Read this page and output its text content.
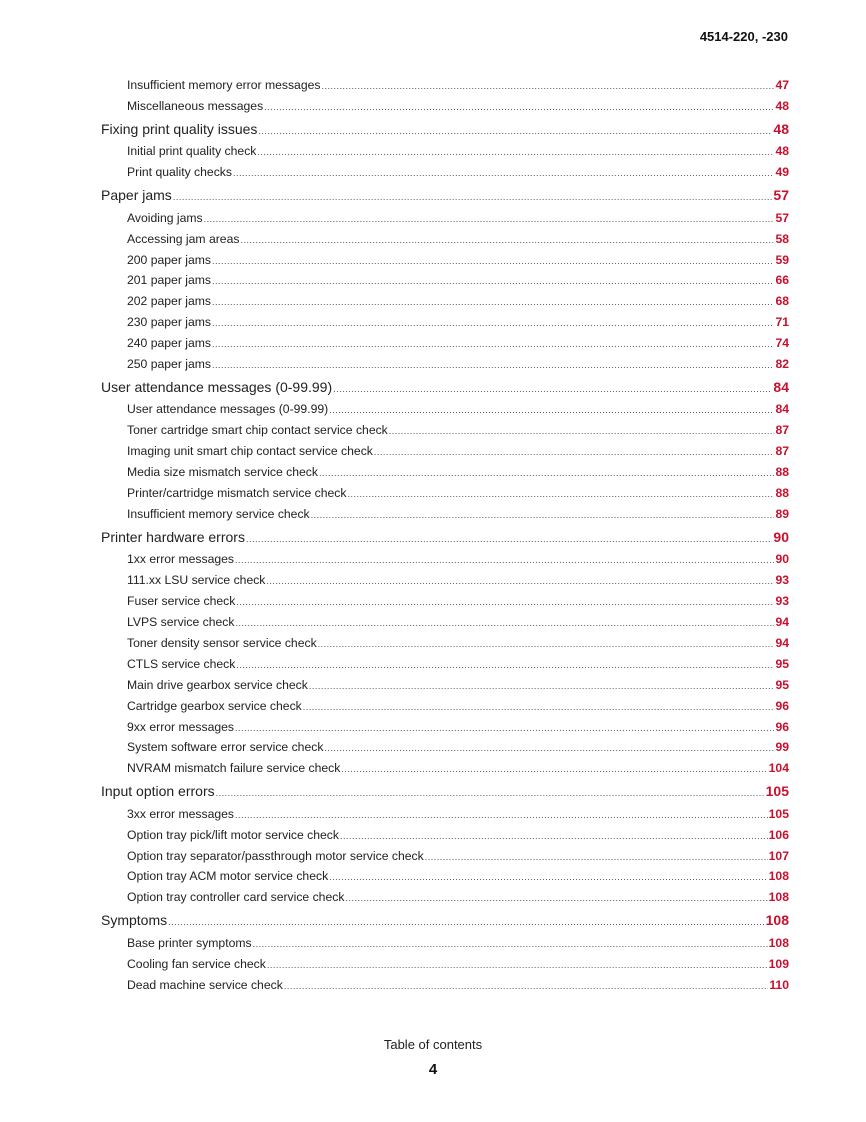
4514-220, -230
Insufficient memory error messages .....	47
Miscellaneous messages .....	48
Fixing print quality issues .....	48
Initial print quality check .....	48
Print quality checks .....	49
Paper jams .....	57
Avoiding jams .....	57
Accessing jam areas .....	58
200 paper jams .....	59
201 paper jams .....	66
202 paper jams .....	68
230 paper jams .....	71
240 paper jams .....	74
250 paper jams .....	82
User attendance messages (0-99.99) .....	84
User attendance messages (0-99.99) .....	84
Toner cartridge smart chip contact service check .....	87
Imaging unit smart chip contact service check .....	87
Media size mismatch service check .....	88
Printer/cartridge mismatch service check .....	88
Insufficient memory service check .....	89
Printer hardware errors .....	90
1xx error messages .....	90
111.xx LSU service check .....	93
Fuser service check .....	93
LVPS service check .....	94
Toner density sensor service check .....	94
CTLS service check .....	95
Main drive gearbox service check .....	95
Cartridge gearbox service check .....	96
9xx error messages .....	96
System software error service check .....	99
NVRAM mismatch failure service check .....	104
Input option errors .....	105
3xx error messages .....	105
Option tray pick/lift motor service check .....	106
Option tray separator/passthrough motor service check .....	107
Option tray ACM motor service check .....	108
Option tray controller card service check .....	108
Symptoms .....	108
Base printer symptoms .....	108
Cooling fan service check .....	109
Dead machine service check .....	110
Table of contents
4
